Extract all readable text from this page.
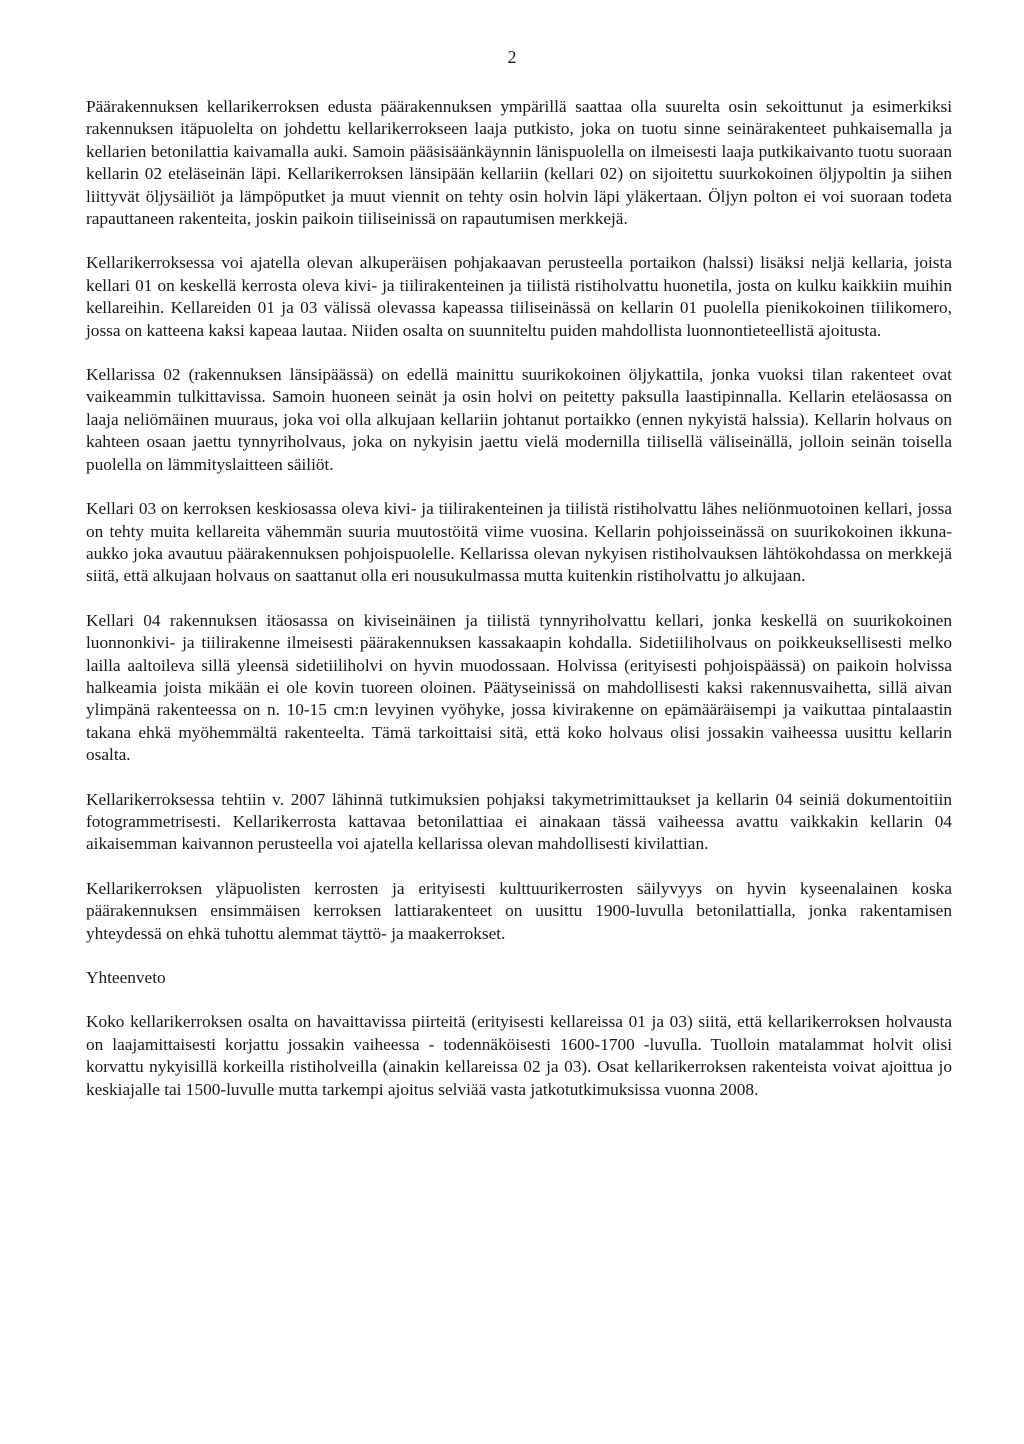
2

Päärakennuksen kellarikerroksen edusta päärakennuksen ympärillä saattaa olla suurelta osin sekoittunut ja esimerkiksi rakennuksen itäpuolelta on johdettu kellarikerrokseen laaja putkisto, joka on tuotu sinne seinärakenteet puhkaisemalla ja kellarien betonilattia kaivamalla auki. Samoin pääsisäänkäynnin länispuolella on ilmeisesti laaja putkikaivanto tuotu suoraan kellarin 02 eteläseinän läpi. Kellarikerroksen länsipään kellariin (kellari 02) on sijoitettu suurkokoinen öljypoltin ja siihen liittyvät öljysäiliöt ja lämpöputket ja muut viennit on tehty osin holvin läpi yläkertaan. Öljyn polton ei voi suoraan todeta rapauttaneen rakenteita, joskin paikoin tiiliseinissä on rapautumisen merkkejä.

Kellarikerroksessa voi ajatella olevan alkuperäisen pohjakaavan perusteella portaikon (halssi) lisäksi neljä kellaria, joista kellari 01 on keskellä kerrosta oleva kivi- ja tiilirakenteinen ja tiilistä ristiholvattu huonetila, josta on kulku kaikkiin muihin kellareihin. Kellareiden 01 ja 03 välissä olevassa kapeassa tiiliseinässä on kellarin 01 puolella pienikokoinen tiilikomero, jossa on katteena kaksi kapeaa lautaa. Niiden osalta on suunniteltu puiden mahdollista luonnontieteellistä ajoitusta.

Kellarissa 02 (rakennuksen länsipäässä) on edellä mainittu suurikokoinen öljykattila, jonka vuoksi tilan rakenteet ovat vaikeammin tulkittavissa. Samoin huoneen seinät ja osin holvi on peitetty paksulla laastipinnalla. Kellarin eteläosassa on laaja neliömäinen muuraus, joka voi olla alkujaan kellariin johtanut portaikko (ennen nykyistä halssia). Kellarin holvaus on kahteen osaan jaettu tynnyriholvaus, joka on nykyisin jaettu vielä modernilla tiilisellä väliseinällä, jolloin seinän toisella puolella on lämmityslaitteen säiliöt.

Kellari 03 on kerroksen keskiosassa oleva kivi- ja tiilirakenteinen ja tiilistä ristiholvattu lähes neliönmuotoinen kellari, jossa on tehty muita kellareita vähemmän suuria muutostöitä viime vuosina. Kellarin pohjoisseinässä on suurikokoinen ikkuna-aukko joka avautuu päärakennuksen pohjoispuolelle. Kellarissa olevan nykyisen ristiholvauksen lähtökohdassa on merkkejä siitä, että alkujaan holvaus on saattanut olla eri nousukulmassa mutta kuitenkin ristiholvattu jo alkujaan.

Kellari 04 rakennuksen itäosassa on kiviseinäinen ja tiilistä tynnyriholvattu kellari, jonka keskellä on suurikokoinen luonnonkivi- ja tiilirakenne ilmeisesti päärakennuksen kassakaapin kohdalla. Sidetiiliholvaus on poikkeuksellisesti melko lailla aaltoileva sillä yleensä sidetiiliholvi on hyvin muodossaan. Holvissa (erityisesti pohjoispäässä) on paikoin holvissa halkeamia joista mikään ei ole kovin tuoreen oloinen. Päätyseinissä on mahdollisesti kaksi rakennusvaihetta, sillä aivan ylimpänä rakenteessa on n. 10-15 cm:n levyinen vyöhyke, jossa kivirakenne on epämääräisempi ja vaikuttaa pintalaastin takana ehkä myöhemmältä rakenteelta. Tämä tarkoittaisi sitä, että koko holvaus olisi jossakin vaiheessa uusittu kellarin osalta.

Kellarikerroksessa tehtiin v. 2007 lähinnä tutkimuksien pohjaksi takymetrimittaukset ja kellarin 04 seiniä dokumentoitiin fotogrammetrisesti. Kellarikerrosta kattavaa betonilattiaa ei ainakaan tässä vaiheessa avattu vaikkakin kellarin 04 aikaisemman kaivannon perusteella voi ajatella kellarissa olevan mahdollisesti kivilattian.

Kellarikerroksen yläpuolisten kerrosten ja erityisesti kulttuurikerrosten säilyvyys on hyvin kyseenalainen koska päärakennuksen ensimmäisen kerroksen lattiarakenteet on uusittu 1900-luvulla betonilattialla, jonka rakentamisen yhteydessä on ehkä tuhottu alemmat täyttö- ja maakerrokset.

Yhteenveto

Koko kellarikerroksen osalta on havaittavissa piirteitä (erityisesti kellareissa 01 ja 03) siitä, että kellarikerroksen holvausta on laajamittaisesti korjattu jossakin vaiheessa - todennäköisesti 1600-1700 -luvulla. Tuolloin matalammat holvit olisi korvattu nykyisillä korkeilla ristiholveilla (ainakin kellareissa 02 ja 03). Osat kellarikerroksen rakenteista voivat ajoittua jo keskiajalle tai 1500-luvulle mutta tarkempi ajoitus selviää vasta jatkotutkimuksissa vuonna 2008.
